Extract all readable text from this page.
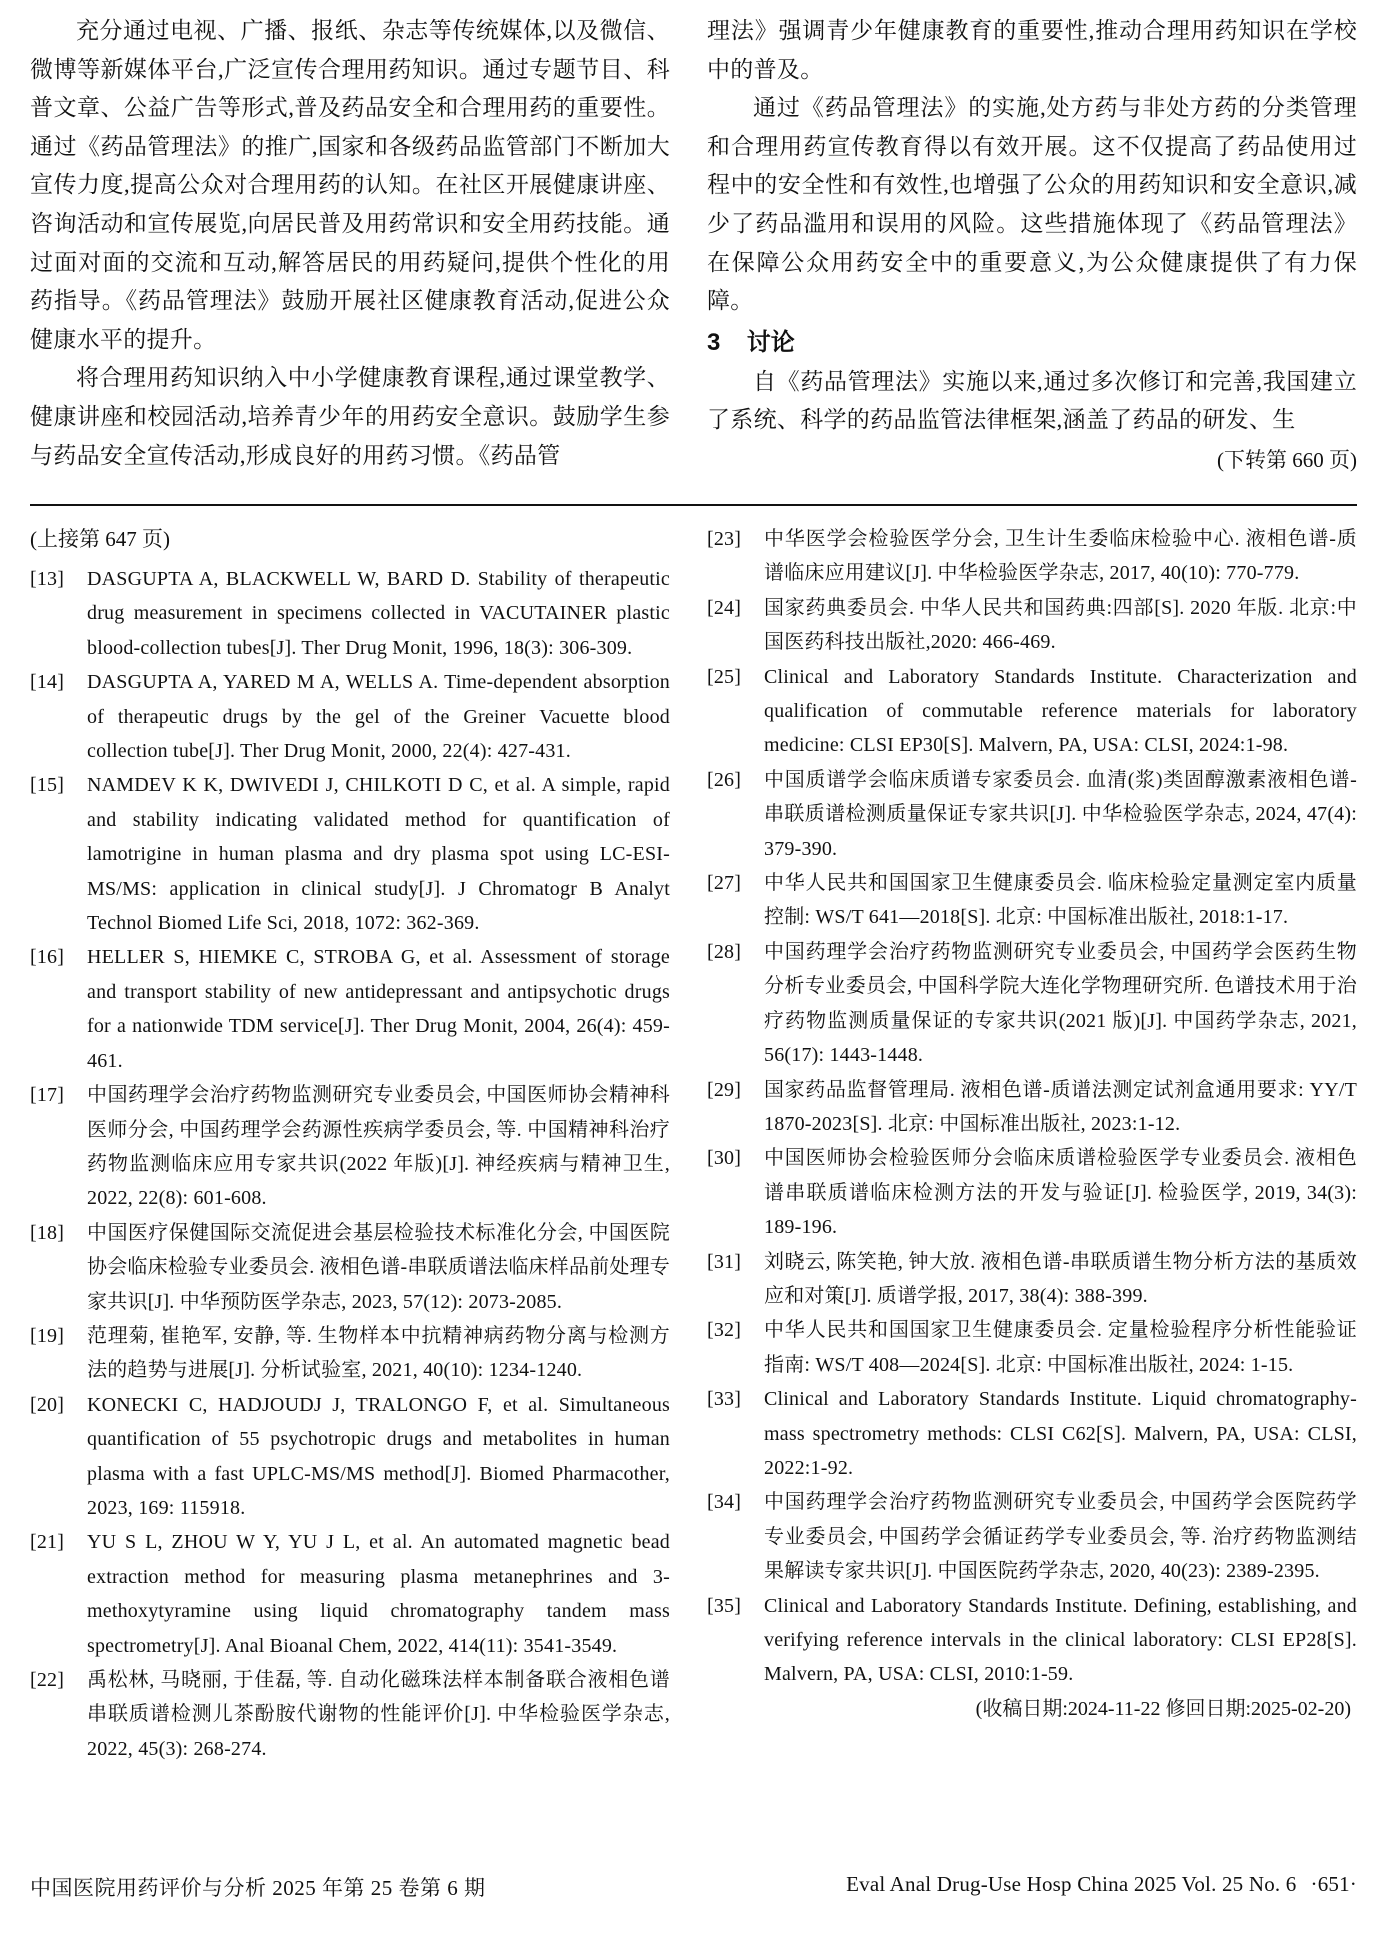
充分通过电视、广播、报纸、杂志等传统媒体,以及微信、微博等新媒体平台,广泛宣传合理用药知识。通过专题节目、科普文章、公益广告等形式,普及药品安全和合理用药的重要性。通过《药品管理法》的推广,国家和各级药品监管部门不断加大宣传力度,提高公众对合理用药的认知。在社区开展健康讲座、咨询活动和宣传展览,向居民普及用药常识和安全用药技能。通过面对面的交流和互动,解答居民的用药疑问,提供个性化的用药指导。《药品管理法》鼓励开展社区健康教育活动,促进公众健康水平的提升。

将合理用药知识纳入中小学健康教育课程,通过课堂教学、健康讲座和校园活动,培养青少年的用药安全意识。鼓励学生参与药品安全宣传活动,形成良好的用药习惯。《药品管

理法》强调青少年健康教育的重要性,推动合理用药知识在学校中的普及。

通过《药品管理法》的实施,处方药与非处方药的分类管理和合理用药宣传教育得以有效开展。这不仅提高了药品使用过程中的安全性和有效性,也增强了公众的用药知识和安全意识,减少了药品滥用和误用的风险。这些措施体现了《药品管理法》在保障公众用药安全中的重要意义,为公众健康提供了有力保障。

3 讨论

自《药品管理法》实施以来,通过多次修订和完善,我国建立了系统、科学的药品监管法律框架,涵盖了药品的研发、生

(下转第 660 页)
(上接第 647 页)
[13]	DASGUPTA A, BLACKWELL W, BARD D. Stability of therapeutic drug measurement in specimens collected in VACUTAINER plastic blood-collection tubes[J]. Ther Drug Monit, 1996, 18(3): 306-309.
[14]	DASGUPTA A, YARED M A, WELLS A. Time-dependent absorption of therapeutic drugs by the gel of the Greiner Vacuette blood collection tube[J]. Ther Drug Monit, 2000, 22(4): 427-431.
[15]	NAMDEV K K, DWIVEDI J, CHILKOTI D C, et al. A simple, rapid and stability indicating validated method for quantification of lamotrigine in human plasma and dry plasma spot using LC-ESI-MS/MS: application in clinical study[J]. J Chromatogr B Analyt Technol Biomed Life Sci, 2018, 1072: 362-369.
[16]	HELLER S, HIEMKE C, STROBA G, et al. Assessment of storage and transport stability of new antidepressant and antipsychotic drugs for a nationwide TDM service[J]. Ther Drug Monit, 2004, 26(4): 459-461.
[17]	中国药理学会治疗药物监测研究专业委员会, 中国医师协会精神科医师分会, 中国药理学会药源性疾病学委员会, 等. 中国精神科治疗药物监测临床应用专家共识(2022 年版)[J]. 神经疾病与精神卫生, 2022, 22(8): 601-608.
[18]	中国医疗保健国际交流促进会基层检验技术标准化分会, 中国医院协会临床检验专业委员会. 液相色谱-串联质谱法临床样品前处理专家共识[J]. 中华预防医学杂志, 2023, 57(12): 2073-2085.
[19]	范理菊, 崔艳军, 安静, 等. 生物样本中抗精神病药物分离与检测方法的趋势与进展[J]. 分析试验室, 2021, 40(10): 1234-1240.
[20]	KONECKI C, HADJOUDJ J, TRALONGO F, et al. Simultaneous quantification of 55 psychotropic drugs and metabolites in human plasma with a fast UPLC-MS/MS method[J]. Biomed Pharmacother, 2023, 169: 115918.
[21]	YU S L, ZHOU W Y, YU J L, et al. An automated magnetic bead extraction method for measuring plasma metanephrines and 3-methoxytyramine using liquid chromatography tandem mass spectrometry[J]. Anal Bioanal Chem, 2022, 414(11): 3541-3549.
[22]	禹松林, 马晓丽, 于佳磊, 等. 自动化磁珠法样本制备联合液相色谱串联质谱检测儿茶酚胺代谢物的性能评价[J]. 中华检验医学杂志, 2022, 45(3): 268-274.
[23]	中华医学会检验医学分会, 卫生计生委临床检验中心. 液相色谱-质谱临床应用建议[J]. 中华检验医学杂志, 2017, 40(10): 770-779.
[24]	国家药典委员会. 中华人民共和国药典:四部[S]. 2020 年版. 北京:中国医药科技出版社,2020: 466-469.
[25]	Clinical and Laboratory Standards Institute. Characterization and qualification of commutable reference materials for laboratory medicine: CLSI EP30[S]. Malvern, PA, USA: CLSI, 2024:1-98.
[26]	中国质谱学会临床质谱专家委员会. 血清(浆)类固醇激素液相色谱-串联质谱检测质量保证专家共识[J]. 中华检验医学杂志, 2024, 47(4): 379-390.
[27]	中华人民共和国国家卫生健康委员会. 临床检验定量测定室内质量控制: WS/T 641—2018[S]. 北京: 中国标准出版社, 2018:1-17.
[28]	中国药理学会治疗药物监测研究专业委员会, 中国药学会医药生物分析专业委员会, 中国科学院大连化学物理研究所. 色谱技术用于治疗药物监测质量保证的专家共识(2021 版)[J]. 中国药学杂志, 2021, 56(17): 1443-1448.
[29]	国家药品监督管理局. 液相色谱-质谱法测定试剂盒通用要求: YY/T 1870-2023[S]. 北京: 中国标准出版社, 2023:1-12.
[30]	中国医师协会检验医师分会临床质谱检验医学专业委员会. 液相色谱串联质谱临床检测方法的开发与验证[J]. 检验医学, 2019, 34(3): 189-196.
[31]	刘晓云, 陈笑艳, 钟大放. 液相色谱-串联质谱生物分析方法的基质效应和对策[J]. 质谱学报, 2017, 38(4): 388-399.
[32]	中华人民共和国国家卫生健康委员会. 定量检验程序分析性能验证指南: WS/T 408—2024[S]. 北京: 中国标准出版社, 2024: 1-15.
[33]	Clinical and Laboratory Standards Institute. Liquid chromatography-mass spectrometry methods: CLSI C62[S]. Malvern, PA, USA: CLSI, 2022:1-92.
[34]	中国药理学会治疗药物监测研究专业委员会, 中国药学会医院药学专业委员会, 中国药学会循证药学专业委员会, 等. 治疗药物监测结果解读专家共识[J]. 中国医院药学杂志, 2020, 40(23): 2389-2395.
[35]	Clinical and Laboratory Standards Institute. Defining, establishing, and verifying reference intervals in the clinical laboratory: CLSI EP28[S]. Malvern, PA, USA: CLSI, 2010:1-59.
(收稿日期:2024-11-22 修回日期:2025-02-20)
中国医院用药评价与分析 2025 年第 25 卷第 6 期	Eval Anal Drug-Use Hosp China 2025 Vol. 25 No. 6 ·651·
